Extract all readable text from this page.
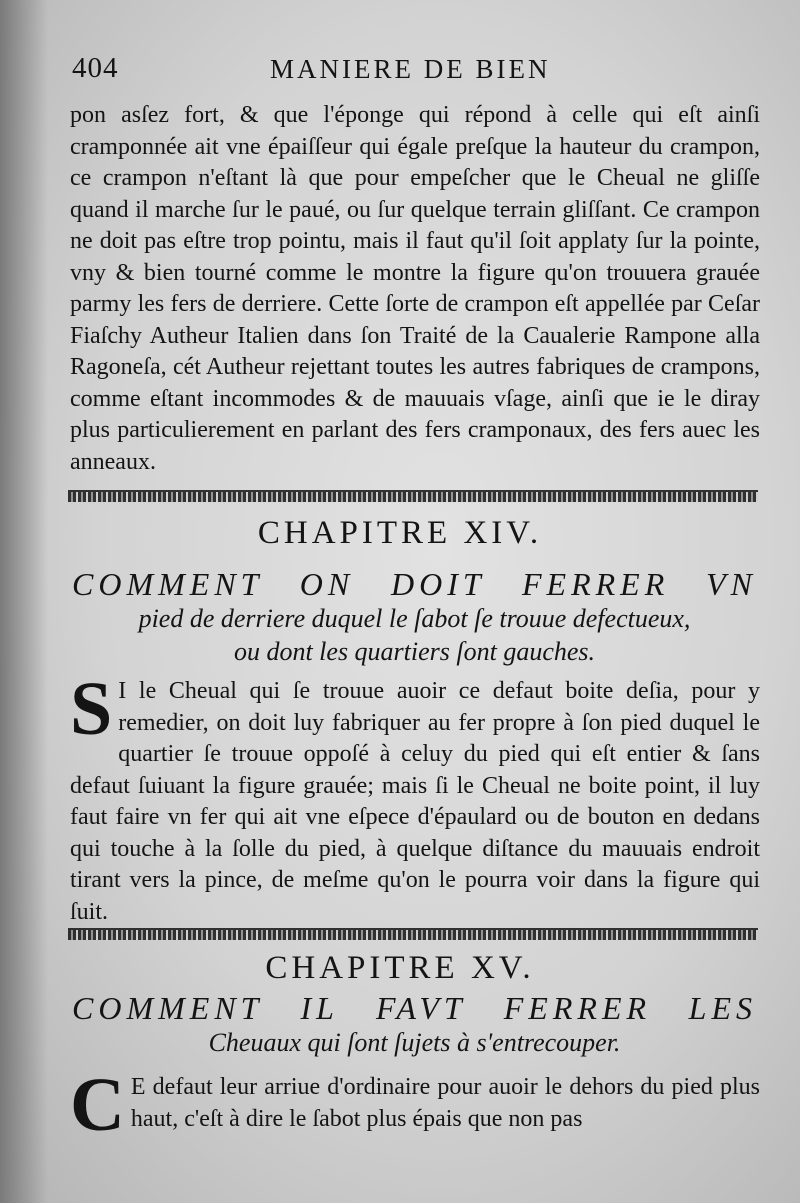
404	MANIERE DE BIEN

pon asſez fort, & que l'éponge qui répond à celle qui eſt ainſi cramponnée ait vne épaiſſeur qui égale preſque la hauteur du crampon, ce crampon n'eſtant là que pour empeſcher que le Cheual ne gliſſe quand il marche ſur le paué, ou ſur quelque terrain gliſſant. Ce crampon ne doit pas eſtre trop pointu, mais il faut qu'il ſoit applaty ſur la pointe, vny & bien tourné comme le montre la figure qu'on trouuera grauée parmy les fers de derriere. Cette ſorte de crampon eſt appellée par Ceſar Fiaſchy Autheur Italien dans ſon Traité de la Caualerie Rampone alla Ragoneſa, cét Autheur rejettant toutes les autres fabriques de crampons, comme eſtant incommodes & de mauuais vſage, ainſi que ie le diray plus particulierement en parlant des fers cramponaux, des fers auec les anneaux.

CHAPITRE XIV.
COMMENT ON DOIT FERRER VN
pied de derriere duquel le ſabot ſe trouue defectueux,
ou dont les quartiers ſont gauches.

S I le Cheual qui ſe trouue auoir ce defaut boite deſia, pour y remedier, on doit luy fabriquer au fer propre à ſon pied duquel le quartier ſe trouue oppoſé à celuy du pied qui eſt entier & ſans defaut ſuiuant la figure grauée; mais ſi le Cheual ne boite point, il luy faut faire vn fer qui ait vne eſpece d'épaulard ou de bouton en dedans qui touche à la ſolle du pied, à quelque diſtance du mauuais endroit tirant vers la pince, de meſme qu'on le pourra voir dans la figure qui ſuit.

CHAPITRE XV.
COMMENT IL FAVT FERRER LES
Cheuaux qui ſont ſujets à s'entrecouper.

C E defaut leur arriue d'ordinaire pour auoir le dehors du pied plus haut, c'eſt à dire le ſabot plus épais que non pas
